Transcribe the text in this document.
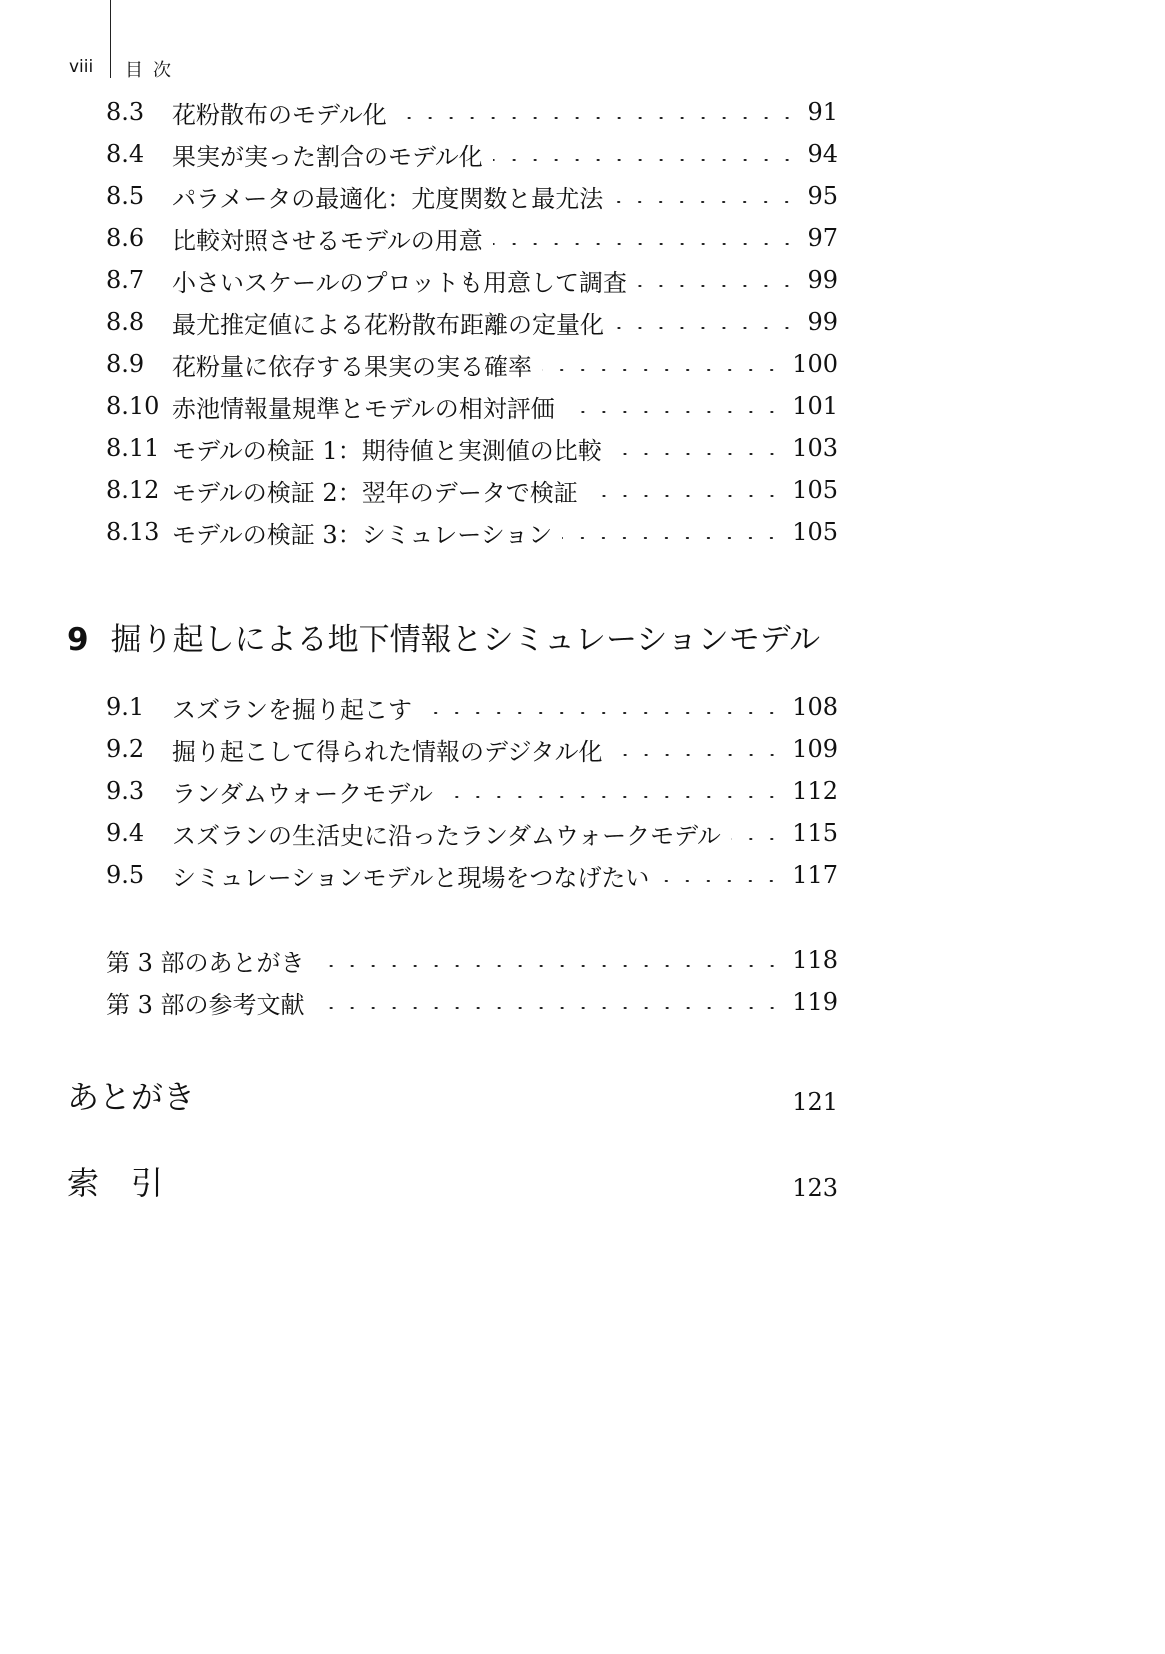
viii 目次
8.3	花粉散布のモデル化	91
8.4	果実が実った割合のモデル化	94
8.5	パラメータの最適化：尤度関数と最尤法	95
8.6	比較対照させるモデルの用意	97
8.7	小さいスケールのプロットも用意して調査	99
8.8	最尤推定値による花粉散布距離の定量化	99
8.9	花粉量に依存する果実の実る確率	100
8.10 赤池情報量規準とモデルの相対評価	101
8.11 モデルの検証 1：期待値と実測値の比較	103
8.12 モデルの検証 2：翌年のデータで検証	105
8.13 モデルの検証 3：シミュレーション	105
9 掘り起しによる地下情報とシミュレーションモデル
9.1	スズランを掘り起こす	108
9.2	掘り起こして得られた情報のデジタル化	109
9.3	ランダムウォークモデル	112
9.4	スズランの生活史に沿ったランダムウォークモデル	115
9.5	シミュレーションモデルと現場をつなげたい	117
第 3 部のあとがき	118
第 3 部の参考文献	119
あとがき	121
索　引	123
